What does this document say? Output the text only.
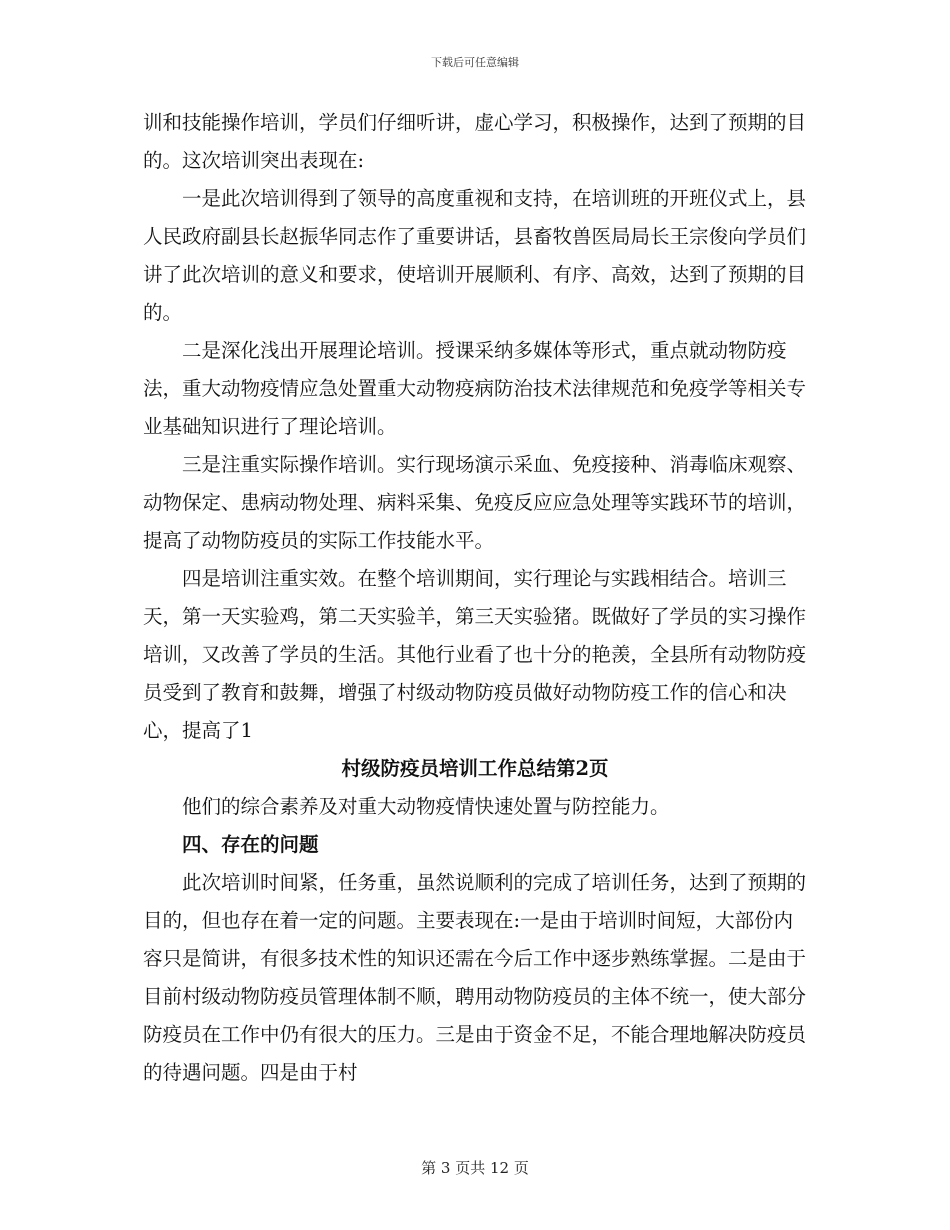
下载后可任意编辑

训和技能操作培训，学员们仔细听讲，虚心学习，积极操作，达到了预期的目的。这次培训突出表现在:

一是此次培训得到了领导的高度重视和支持，在培训班的开班仪式上，县人民政府副县长赵振华同志作了重要讲话，县畜牧兽医局局长王宗俊向学员们讲了此次培训的意义和要求，使培训开展顺利、有序、高效，达到了预期的目的。

二是深化浅出开展理论培训。授课采纳多媒体等形式，重点就动物防疫法，重大动物疫情应急处置重大动物疫病防治技术法律规范和免疫学等相关专业基础知识进行了理论培训。

三是注重实际操作培训。实行现场演示采血、免疫接种、消毒临床观察、动物保定、患病动物处理、病料采集、免疫反应应急处理等实践环节的培训，提高了动物防疫员的实际工作技能水平。

四是培训注重实效。在整个培训期间，实行理论与实践相结合。培训三天，第一天实验鸡，第二天实验羊，第三天实验猪。既做好了学员的实习操作培训，又改善了学员的生活。其他行业看了也十分的艳羡，全县所有动物防疫员受到了教育和鼓舞，增强了村级动物防疫员做好动物防疫工作的信心和决心，提高了1

村级防疫员培训工作总结第2页

他们的综合素养及对重大动物疫情快速处置与防控能力。

四、存在的问题

此次培训时间紧，任务重，虽然说顺利的完成了培训任务，达到了预期的目的，但也存在着一定的问题。主要表现在:一是由于培训时间短，大部份内容只是简讲，有很多技术性的知识还需在今后工作中逐步熟练掌握。二是由于目前村级动物防疫员管理体制不顺，聘用动物防疫员的主体不统一，使大部分防疫员在工作中仍有很大的压力。三是由于资金不足，不能合理地解决防疫员的待遇问题。四是由于村

第 3 页共 12 页
